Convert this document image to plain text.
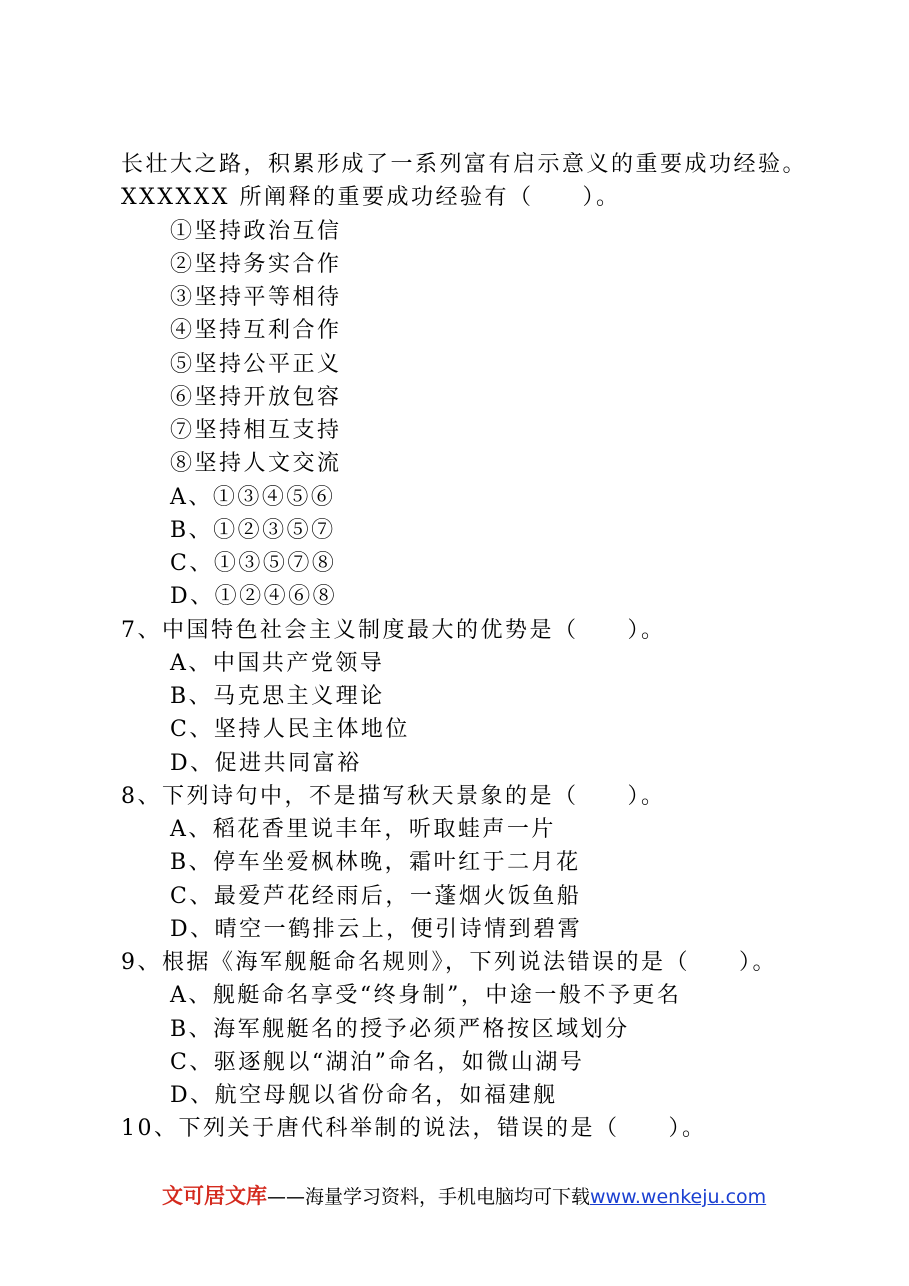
长壮大之路，积累形成了一系列富有启示意义的重要成功经验。
XXXXXX 所阐释的重要成功经验有（　　）。
①坚持政治互信
②坚持务实合作
③坚持平等相待
④坚持互利合作
⑤坚持公平正义
⑥坚持开放包容
⑦坚持相互支持
⑧坚持人文交流
A、①③④⑤⑥
B、①②③⑤⑦
C、①③⑤⑦⑧
D、①②④⑥⑧
7、中国特色社会主义制度最大的优势是（　　）。
A、中国共产党领导
B、马克思主义理论
C、坚持人民主体地位
D、促进共同富裕
8、下列诗句中，不是描写秋天景象的是（　　）。
A、稻花香里说丰年，听取蛙声一片
B、停车坐爱枫林晚，霜叶红于二月花
C、最爱芦花经雨后，一蓬烟火饭鱼船
D、晴空一鹤排云上，便引诗情到碧霄
9、根据《海军舰艇命名规则》，下列说法错误的是（　　）。
A、舰艇命名享受“终身制”，中途一般不予更名
B、海军舰艇名的授予必须严格按区域划分
C、驱逐舰以“湖泊”命名，如微山湖号
D、航空母舰以省份命名，如福建舰
10、下列关于唐代科举制的说法，错误的是（　　）。
文可居文库——海量学习资料，手机电脑均可下载www.wenkeju.com
